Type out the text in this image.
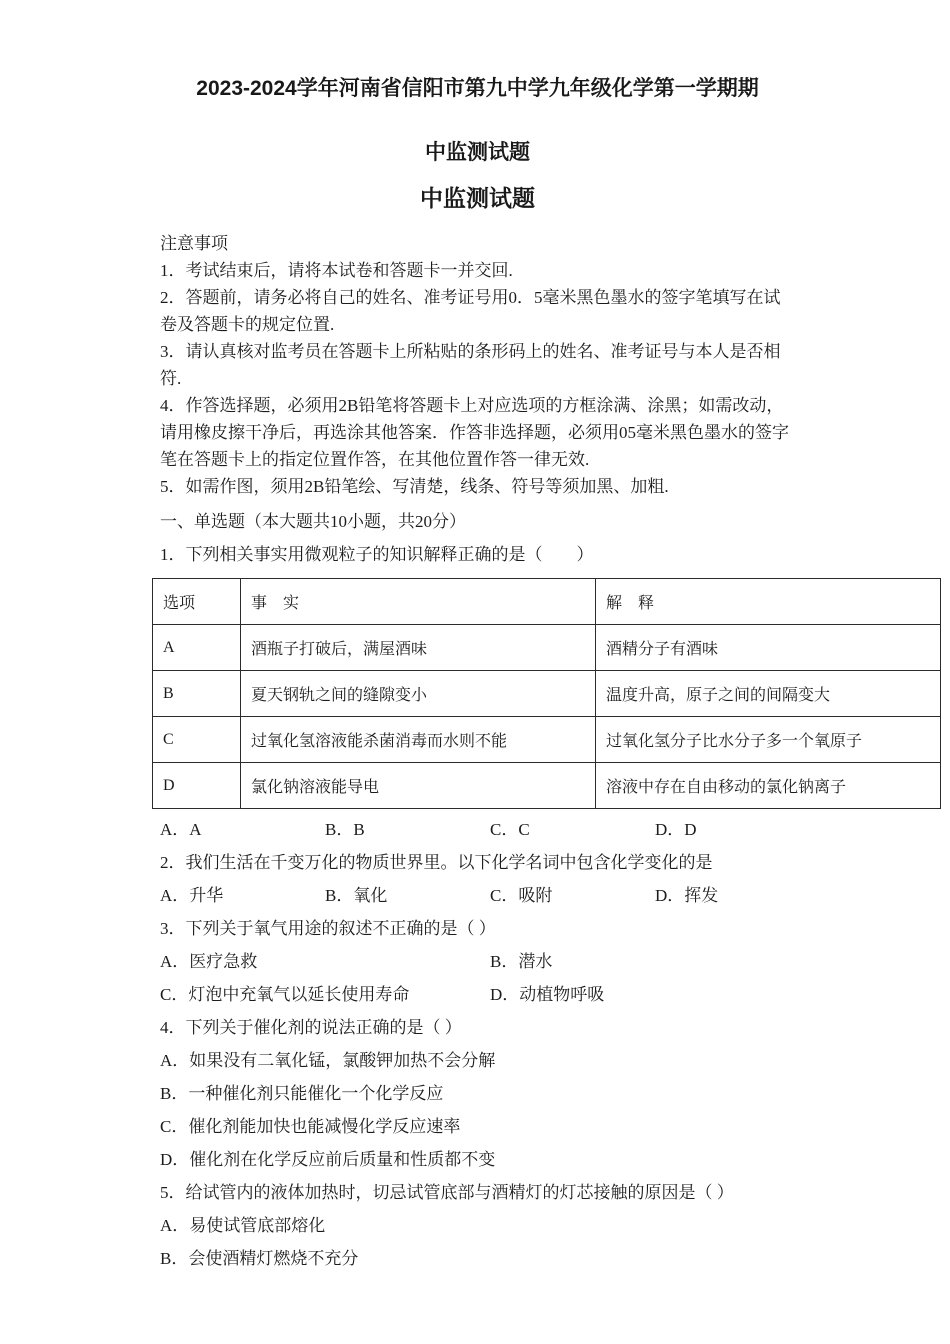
2023-2024学年河南省信阳市第九中学九年级化学第一学期期
中监测试题
中监测试题

注意事项

1．考试结束后，请将本试卷和答题卡一并交回.

2．答题前，请务必将自己的姓名、准考证号用0．5毫米黑色墨水的签字笔填写在试卷及答题卡的规定位置.

3．请认真核对监考员在答题卡上所粘贴的条形码上的姓名、准考证号与本人是否相符.

4．作答选择题，必须用2B铅笔将答题卡上对应选项的方框涂满、涂黑；如需改动，请用橡皮擦干净后，再选涂其他答案．作答非选择题，必须用05毫米黑色墨水的签字笔在答题卡上的指定位置作答，在其他位置作答一律无效.

5．如需作图，须用2B铅笔绘、写清楚，线条、符号等须加黑、加粗.

一、单选题（本大题共10小题，共20分）

1．下列相关事实用微观粒子的知识解释正确的是（　　）

选项	事　实	解　释
A	酒瓶子打破后，满屋酒味	酒精分子有酒味
B	夏天钢轨之间的缝隙变小	温度升高，原子之间的间隔变大
C	过氧化氢溶液能杀菌消毒而水则不能	过氧化氢分子比水分子多一个氧原子
D	氯化钠溶液能导电	溶液中存在自由移动的氯化钠离子

A．A	B．B	C．C	D．D

2．我们生活在千变万化的物质世界里。以下化学名词中包含化学变化的是

A．升华	B．氧化	C．吸附	D．挥发

3．下列关于氧气用途的叙述不正确的是（ ）

A．医疗急救	B．潜水

C．灯泡中充氧气以延长使用寿命	D．动植物呼吸

4．下列关于催化剂的说法正确的是（ ）

A．如果没有二氧化锰，氯酸钾加热不会分解

B．一种催化剂只能催化一个化学反应

C．催化剂能加快也能减慢化学反应速率

D．催化剂在化学反应前后质量和性质都不变

5．给试管内的液体加热时，切忌试管底部与酒精灯的灯芯接触的原因是（ ）

A．易使试管底部熔化

B．会使酒精灯燃烧不充分
